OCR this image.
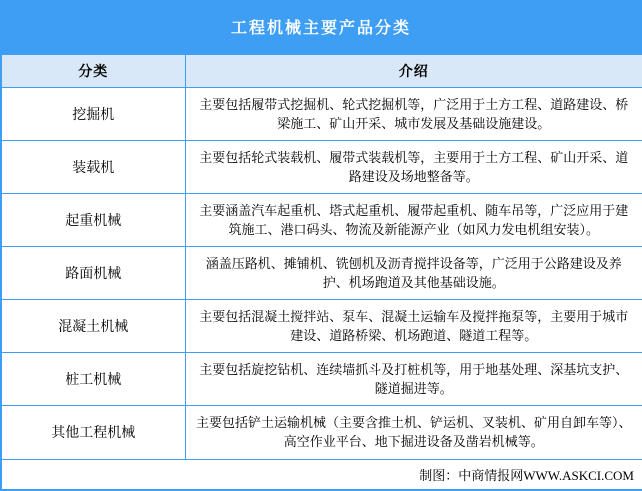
工程机械主要产品分类
分类	介绍
挖掘机	主要包括履带式挖掘机、轮式挖掘机等，广泛用于土方工程、道路建设、桥梁施工、矿山开采、城市发展及基础设施建设。
装载机	主要包括轮式装载机、履带式装载机等，主要用于土方工程、矿山开采、道路建设及场地整备等。
起重机械	主要涵盖汽车起重机、塔式起重机、履带起重机、随车吊等，广泛应用于建筑施工、港口码头、物流及新能源产业（如风力发电机组安装）。
路面机械	涵盖压路机、摊铺机、铣刨机及沥青搅拌设备等，广泛用于公路建设及养护、机场跑道及其他基础设施。
混凝土机械	主要包括混凝土搅拌站、泵车、混凝土运输车及搅拌拖泵等，主要用于城市建设、道路桥梁、机场跑道、隧道工程等。
桩工机械	主要包括旋挖钻机、连续墙抓斗及打桩机等，用于地基处理、深基坑支护、隧道掘进等。
其他工程机械	主要包括铲土运输机械（主要含推土机、铲运机、叉装机、矿用自卸车等）、高空作业平台、地下掘进设备及凿岩机械等。
制图：中商情报网WWW.ASKCI.COM	
